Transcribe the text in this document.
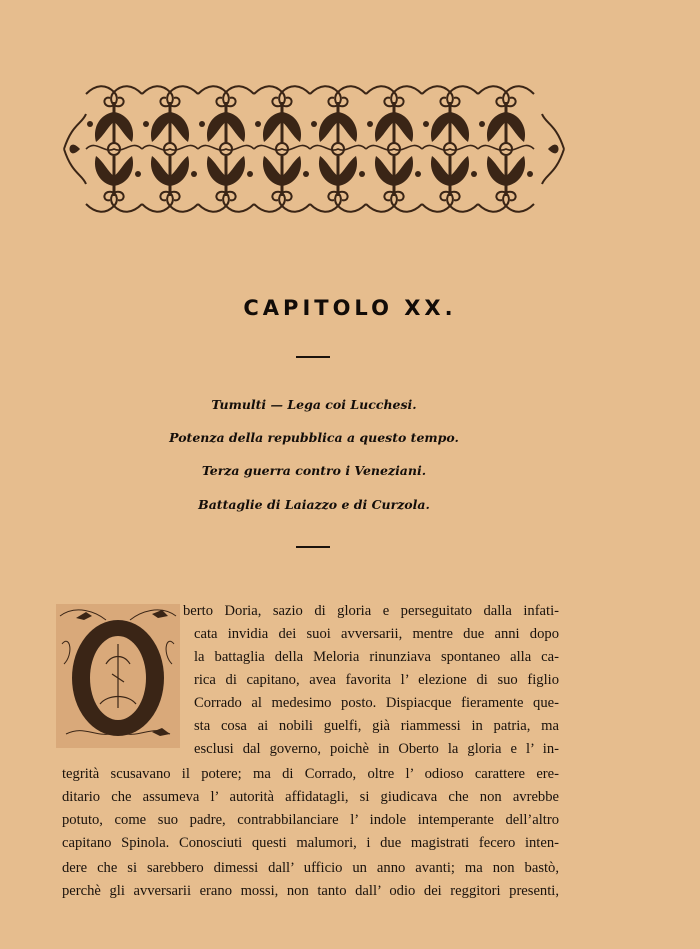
CAPITOLO XX.
Tumulti — Lega coi Lucchesi.
Potenza della repubblica a questo tempo.
Terza guerra contro i Veneziani.
Battaglie di Laiazzo e di Curzola.
berto Doria, sazio di gloria e perseguitato dalla infati-
cata invidia dei suoi avversarii, mentre due anni dopo
la battaglia della Meloria rinunziava spontaneo alla ca-
rica di capitano, avea favorita l’ elezione di suo figlio
Corrado al medesimo posto. Dispiacque fieramente que-
sta cosa ai nobili guelfi, già riammessi in patria, ma
esclusi dal governo, poichè in Oberto la gloria e l’ in-
tegrità scusavano il potere; ma di Corrado, oltre l’ odioso carattere ere-
ditario che assumeva l’ autorità affidatagli, si giudicava che non avrebbe
potuto, come suo padre, contrabbilanciare l’ indole intemperante dell’altro
capitano Spinola. Conosciuti questi malumori, i due magistrati fecero inten-
dere che si sarebbero dimessi dall’ ufficio un anno avanti; ma non bastò,
perchè gli avversarii erano mossi, non tanto dall’ odio dei reggitori presenti,
